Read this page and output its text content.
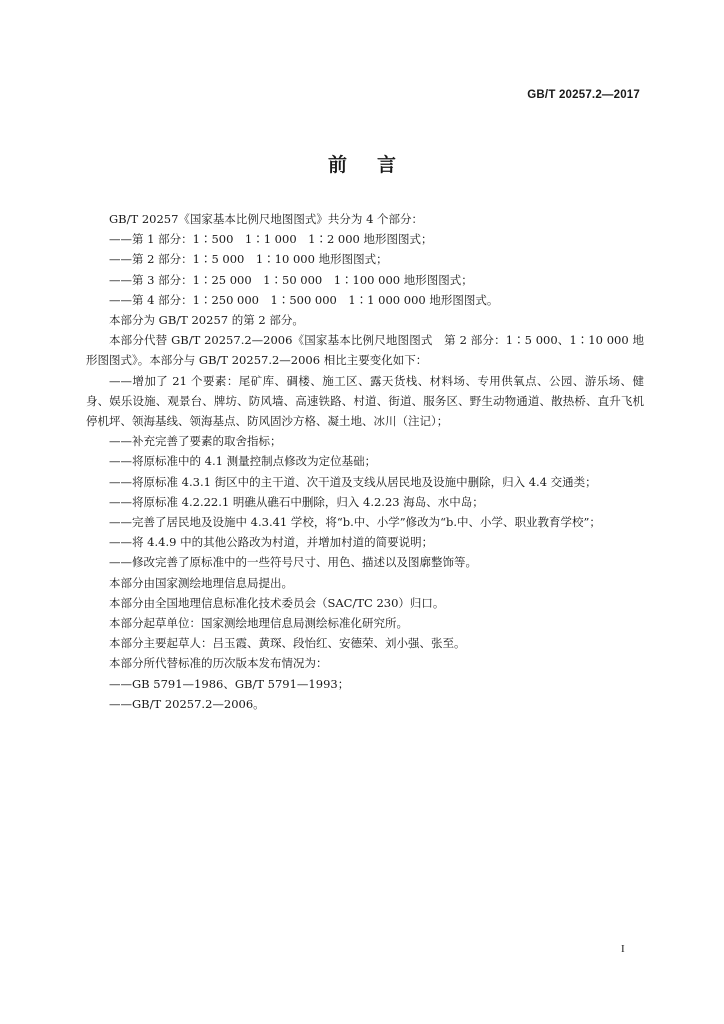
GB/T 20257.2—2017
前言

GB/T 20257《国家基本比例尺地图图式》共分为 4 个部分：

——第 1 部分：1∶500　1∶1 000　1∶2 000 地形图图式；

——第 2 部分：1∶5 000　1∶10 000 地形图图式；

——第 3 部分：1∶25 000　1∶50 000　1∶100 000 地形图图式；

——第 4 部分：1∶250 000　1∶500 000　1∶1 000 000 地形图图式。

本部分为 GB/T 20257 的第 2 部分。

本部分代替 GB/T 20257.2—2006《国家基本比例尺地图图式　第 2 部分：1∶5 000、1∶10 000 地形图图式》。本部分与 GB/T 20257.2—2006 相比主要变化如下：

——增加了 21 个要素：尾矿库、碉楼、施工区、露天货栈、材料场、专用供氧点、公园、游乐场、健身、娱乐设施、观景台、牌坊、防风墙、高速铁路、村道、街道、服务区、野生动物通道、散热桥、直升飞机停机坪、领海基线、领海基点、防风固沙方格、凝土地、冰川（注记）；

——补充完善了要素的取舍指标；

——将原标准中的 4.1 测量控制点修改为定位基础；

——将原标准 4.3.1 街区中的主干道、次干道及支线从居民地及设施中删除，归入 4.4 交通类；

——将原标准 4.2.22.1 明礁从礁石中删除，归入 4.2.23 海岛、水中岛；

——完善了居民地及设施中 4.3.41 学校，将“b.中、小学”修改为“b.中、小学、职业教育学校”；

——将 4.4.9 中的其他公路改为村道，并增加村道的简要说明；

——修改完善了原标准中的一些符号尺寸、用色、描述以及图廓整饰等。

本部分由国家测绘地理信息局提出。

本部分由全国地理信息标准化技术委员会（SAC/TC 230）归口。

本部分起草单位：国家测绘地理信息局测绘标准化研究所。

本部分主要起草人：吕玉霞、黄琛、段怡红、安德荣、刘小强、张至。

本部分所代替标准的历次版本发布情况为：

——GB 5791—1986、GB/T 5791—1993；

——GB/T 20257.2—2006。

I
